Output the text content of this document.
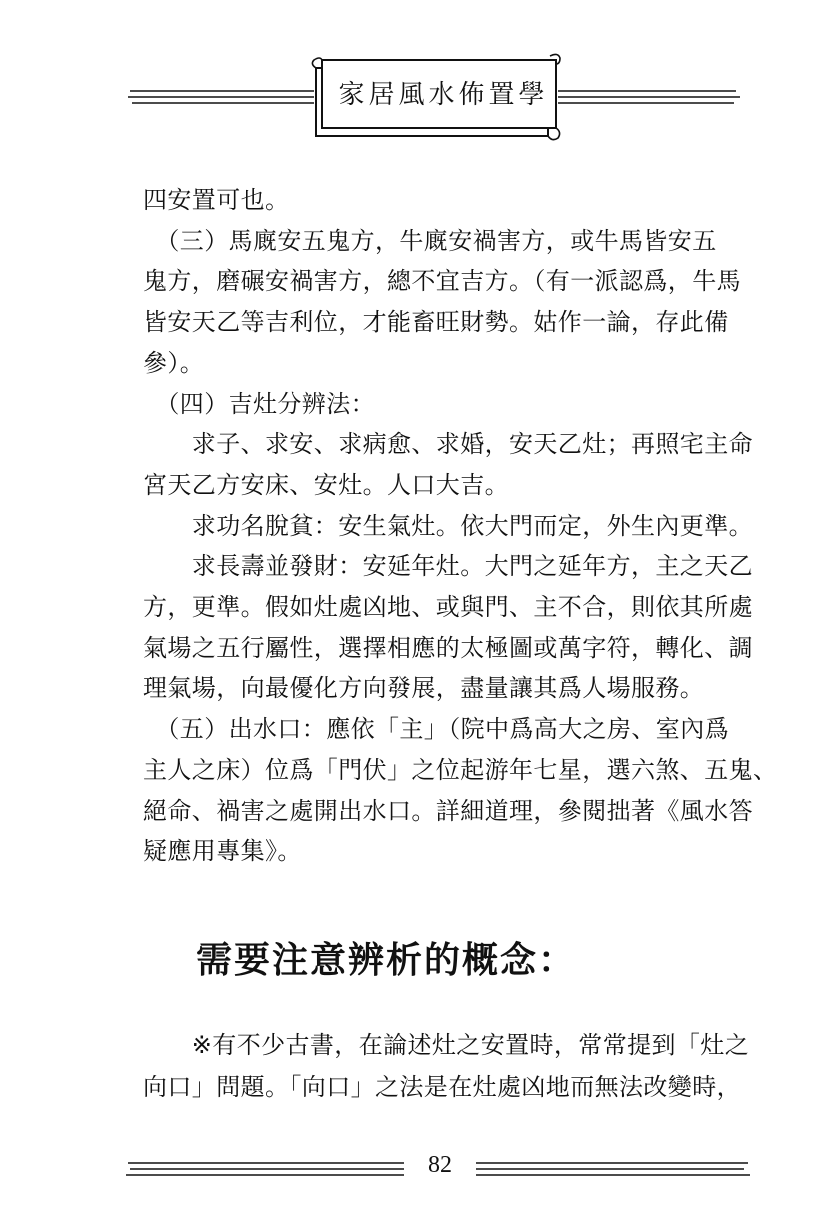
家居風水佈置學

四安置可也。

　（三）馬廐安五鬼方，牛廐安禍害方，或牛馬皆安五

鬼方，磨碾安禍害方，總不宜吉方。（有一派認爲，牛馬

皆安天乙等吉利位，才能畜旺財勢。姑作一論，存此備

參）。

　（四）吉灶分辨法：

　　求子、求安、求病愈、求婚，安天乙灶；再照宅主命

宮天乙方安床、安灶。人口大吉。

　　求功名脫貧：安生氣灶。依大門而定，外生內更準。

　　求長壽並發財：安延年灶。大門之延年方，主之天乙

方，更準。假如灶處凶地、或與門、主不合，則依其所處

氣場之五行屬性，選擇相應的太極圖或萬字符，轉化、調

理氣場，向最優化方向發展，盡量讓其爲人場服務。

　（五）出水口：應依「主」（院中爲高大之房、室內爲

主人之床）位爲「門伏」之位起游年七星，選六煞、五鬼、

絕命、禍害之處開出水口。詳細道理，參閱拙著《風水答

疑應用專集》。

需要注意辨析的概念：

　　※有不少古書，在論述灶之安置時，常常提到「灶之

向口」問題。「向口」之法是在灶處凶地而無法改變時，

82
